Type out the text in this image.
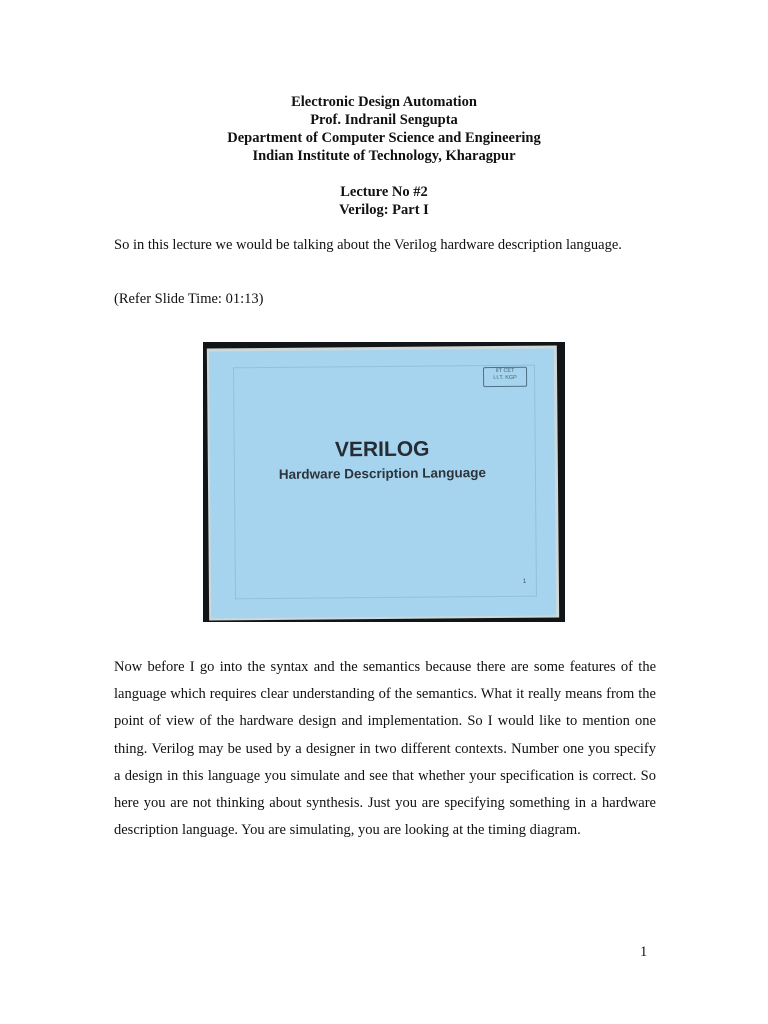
Electronic Design Automation
Prof. Indranil Sengupta
Department of Computer Science and Engineering
Indian Institute of Technology, Kharagpur
Lecture No #2
Verilog: Part I

So in this lecture we would be talking about the Verilog hardware description language.

(Refer Slide Time: 01:13)

IIT CET
I.I.T. KGP
VERILOG
Hardware Description Language
1

Now before I go into the syntax and the semantics because there are some features of the language which requires clear understanding of the semantics. What it really means from the point of view of the hardware design and implementation. So I would like to mention one thing. Verilog may be used by a designer in two different contexts. Number one you specify a design in this language you simulate and see that whether your specification is correct. So here you are not thinking about synthesis. Just you are specifying something in a hardware description language. You are simulating, you are looking at the timing diagram.

1
